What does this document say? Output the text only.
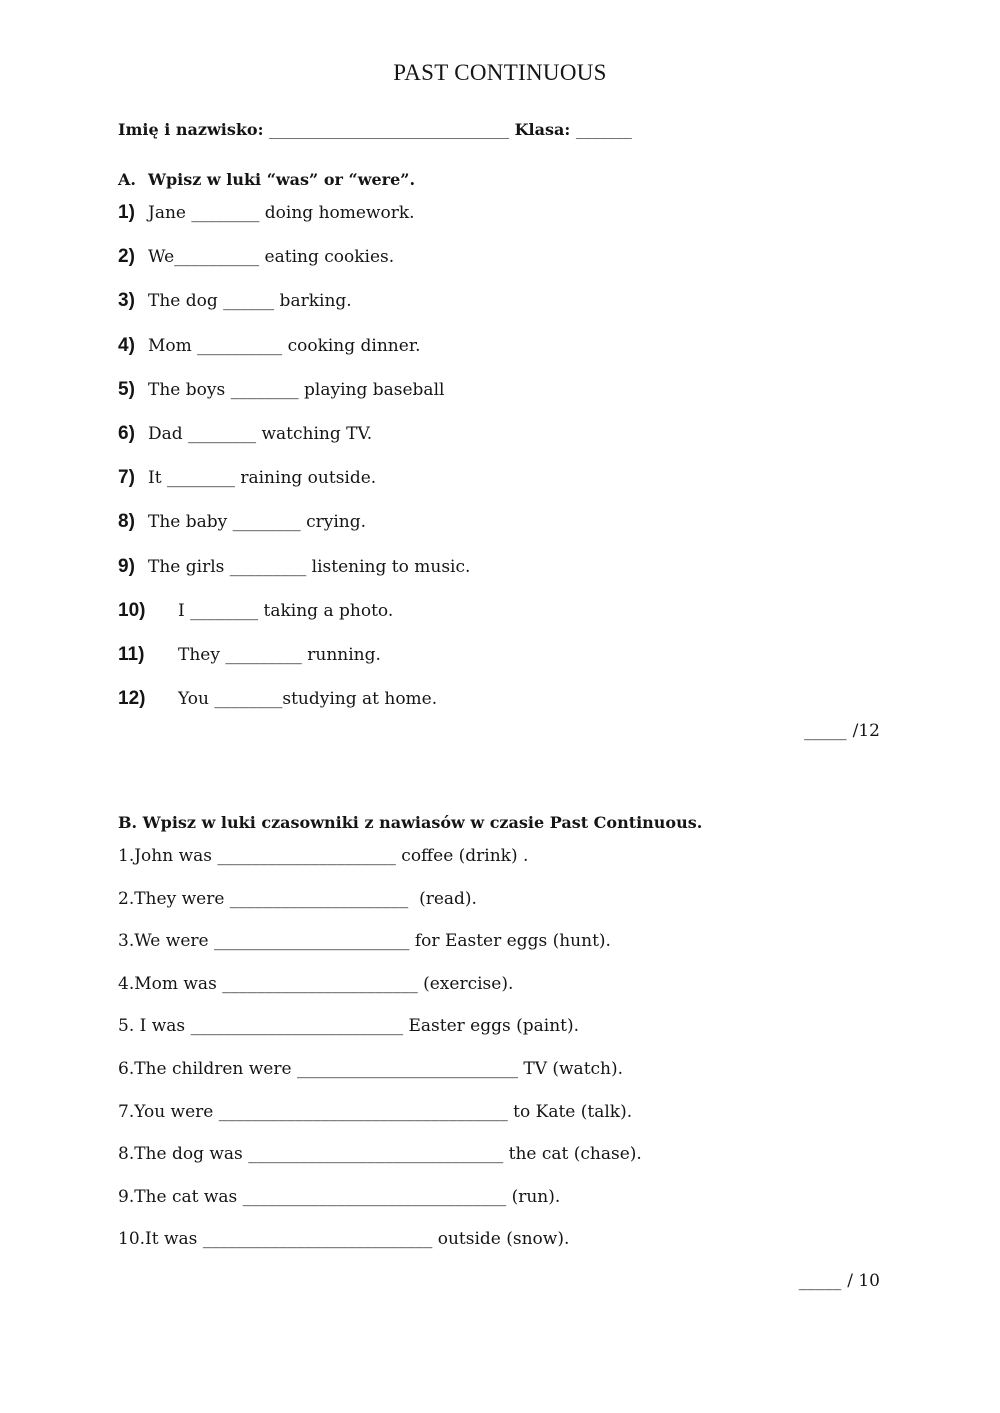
PAST CONTINUOUS
Imię i nazwisko: ______________________________ Klasa: _______
A. Wpisz w luki “was” or “were”.
1) Jane ________ doing homework.
2) We__________ eating cookies.
3) The dog ______ barking.
4) Mom __________ cooking dinner.
5) The boys ________ playing baseball
6) Dad ________ watching TV.
7) It ________ raining outside.
8) The baby ________ crying.
9) The girls _________ listening to music.
10) I ________ taking a photo.
11) They _________ running.
12) You ________studying at home.
_____ /12
B. Wpisz w luki czasowniki z nawiasów w czasie Past Continuous.
1.John was _____________________ coffee (drink) .
2.They were _____________________  (read).
3.We were _______________________ for Easter eggs (hunt).
4.Mom was _______________________ (exercise).
5. I was _________________________ Easter eggs (paint).
6.The children were __________________________ TV (watch).
7.You were __________________________________ to Kate (talk).
8.The dog was ______________________________ the cat (chase).
9.The cat was _______________________________ (run).
10.It was ___________________________ outside (snow).
_____ / 10
